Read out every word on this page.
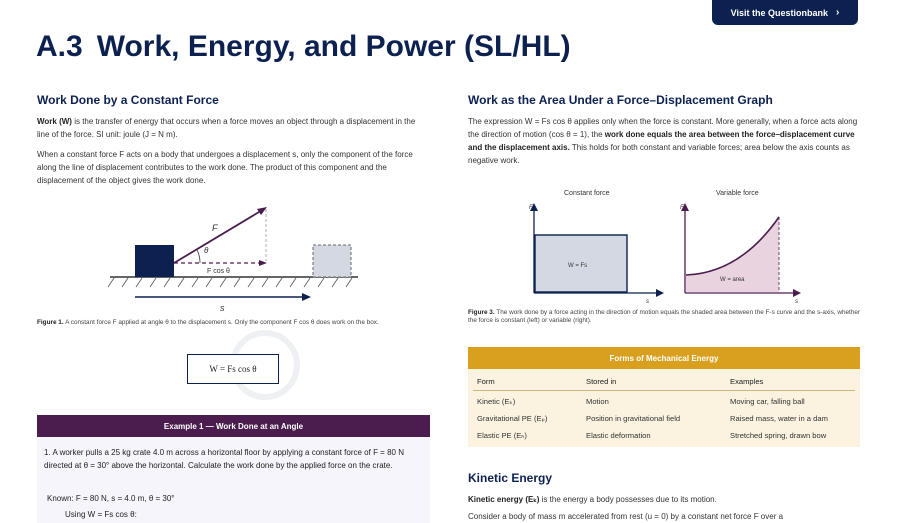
Visit the Questionbank ›
A.3 Work, Energy, and Power (SL/HL)
Work Done by a Constant Force
Work (W) is the transfer of energy that occurs when a force moves an object through a displacement in the line of the force. SI unit: joule (J = N m).
When a constant force F acts on a body that undergoes a displacement s, only the component of the force along the line of displacement contributes to the work done. The product of this component and the displacement of the object gives the work done.
F
θ
F cos θ
s
Figure 1. A constant force F applied at angle θ to the displacement s. Only the component F cos θ does work on the box.
W = Fs cos θ
Example 1 — Work Done at an Angle
1. A worker pulls a 25 kg crate 4.0 m across a horizontal floor by applying a constant force of F = 80 N directed at θ = 30° above the horizontal. Calculate the work done by the applied force on the crate.
Known: F = 80 N, s = 4.0 m, θ = 30°
Using W = Fs cos θ:
Work as the Area Under a Force–Displacement Graph
The expression W = Fs cos θ applies only when the force is constant. More generally, when a force acts along the direction of motion (cos θ = 1), the work done equals the area between the force–displacement curve and the displacement axis. This holds for both constant and variable forces; area below the axis counts as negative work.
Constant force
F
s
W = Fs
Variable force
F
s
W = area
Figure 3. The work done by a force acting in the direction of motion equals the shaded area between the F-s curve and the s-axis, whether the force is constant (left) or variable (right).
Forms of Mechanical Energy
Form	Stored in	Examples
Kinetic (Eₖ)	Motion	Moving car, falling ball
Gravitational PE (Eₚ)	Position in gravitational field	Raised mass, water in a dam
Elastic PE (Eₕ)	Elastic deformation	Stretched spring, drawn bow
Kinetic Energy
Kinetic energy (Eₖ) is the energy a body possesses due to its motion.
Consider a body of mass m accelerated from rest (u = 0) by a constant net force F over a
